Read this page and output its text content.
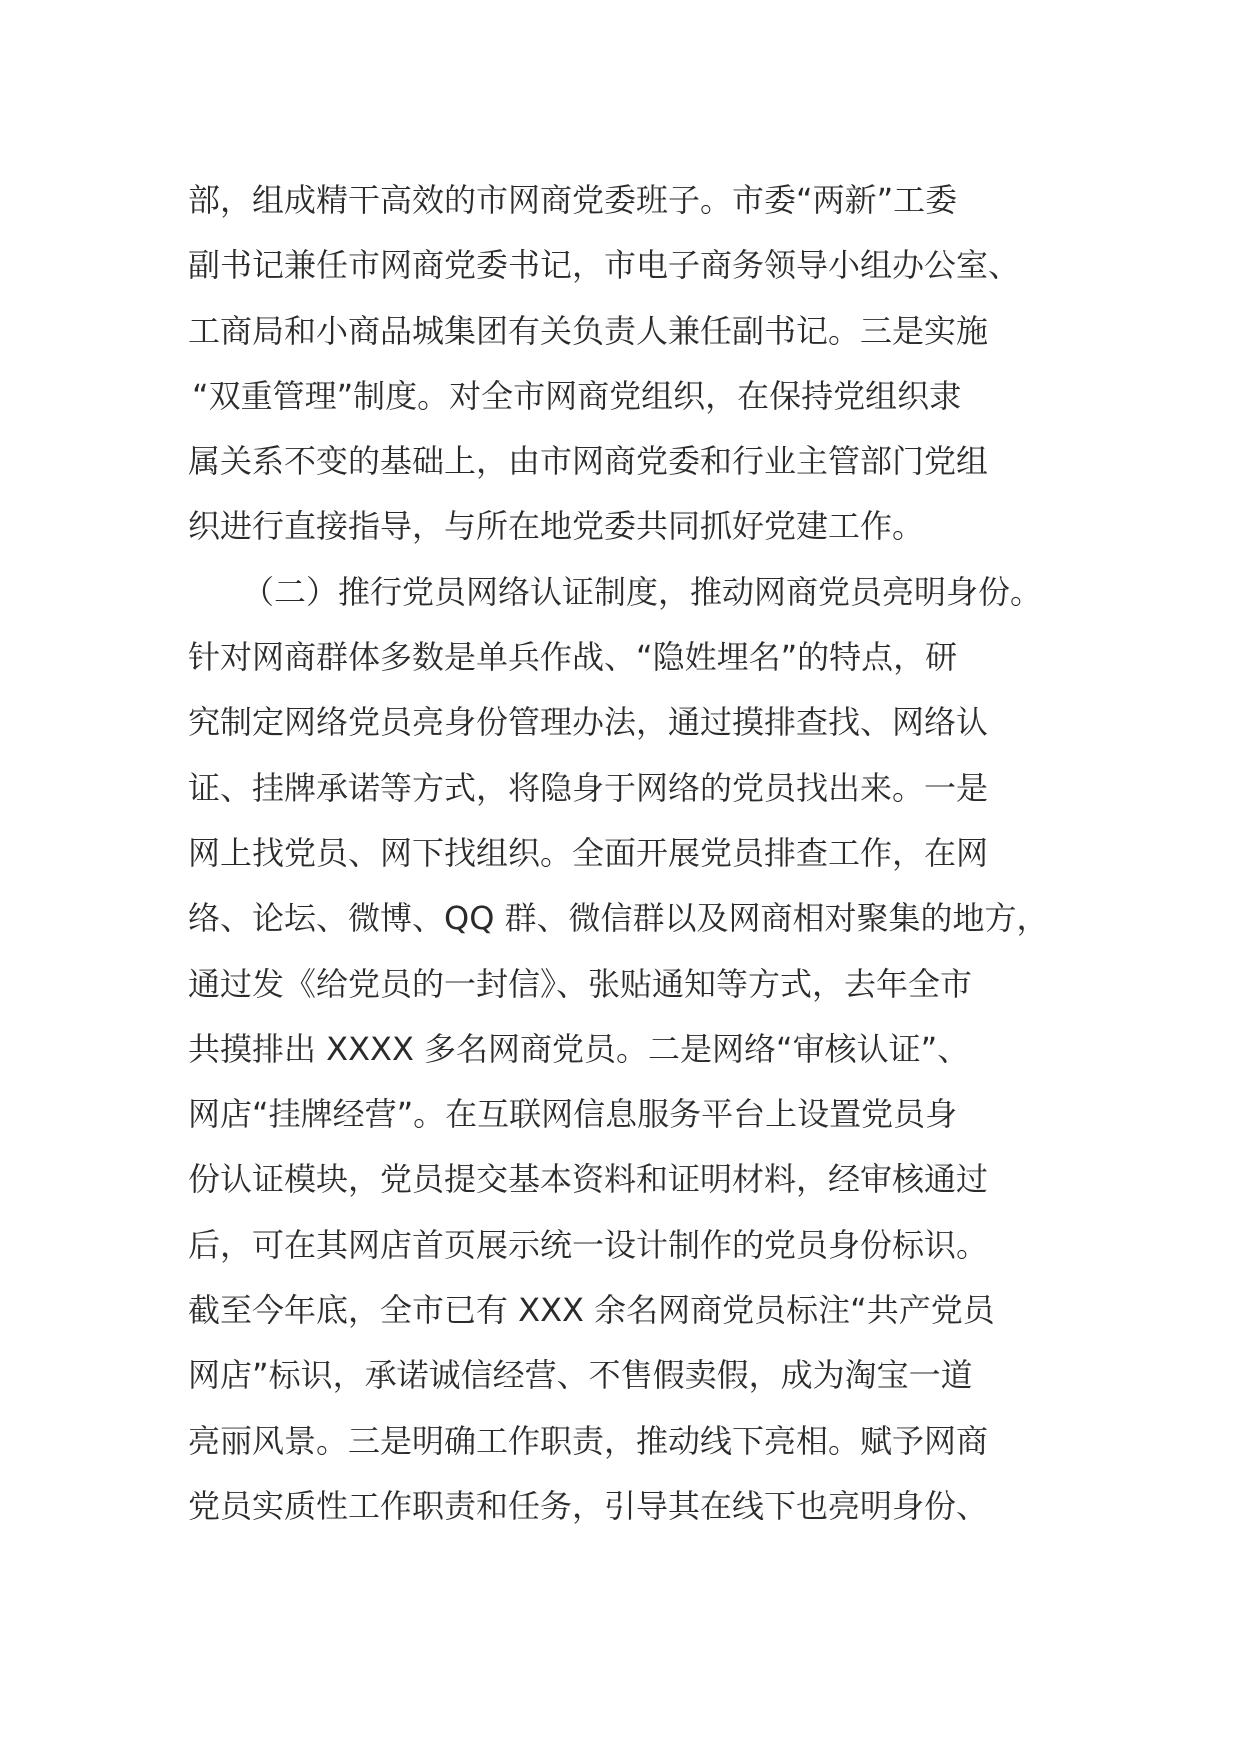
部，组成精干高效的市网商党委班子。市委“两新”工委
副书记兼任市网商党委书记，市电子商务领导小组办公室、
工商局和小商品城集团有关负责人兼任副书记。三是实施
“双重管理”制度。对全市网商党组织，在保持党组织隶
属关系不变的基础上，由市网商党委和行业主管部门党组
织进行直接指导，与所在地党委共同抓好党建工作。
（二）推行党员网络认证制度，推动网商党员亮明身份。
针对网商群体多数是单兵作战、“隐姓埋名”的特点，研
究制定网络党员亮身份管理办法，通过摸排查找、网络认
证、挂牌承诺等方式，将隐身于网络的党员找出来。一是
网上找党员、网下找组织。全面开展党员排查工作，在网
络、论坛、微博、QQ 群、微信群以及网商相对聚集的地方，
通过发《给党员的一封信》、张贴通知等方式，去年全市
共摸排出 XXXX 多名网商党员。二是网络“审核认证”、
网店“挂牌经营”。在互联网信息服务平台上设置党员身
份认证模块，党员提交基本资料和证明材料，经审核通过
后，可在其网店首页展示统一设计制作的党员身份标识。
截至今年底，全市已有 XXX 余名网商党员标注“共产党员
网店”标识，承诺诚信经营、不售假卖假，成为淘宝一道
亮丽风景。三是明确工作职责，推动线下亮相。赋予网商
党员实质性工作职责和任务，引导其在线下也亮明身份、
